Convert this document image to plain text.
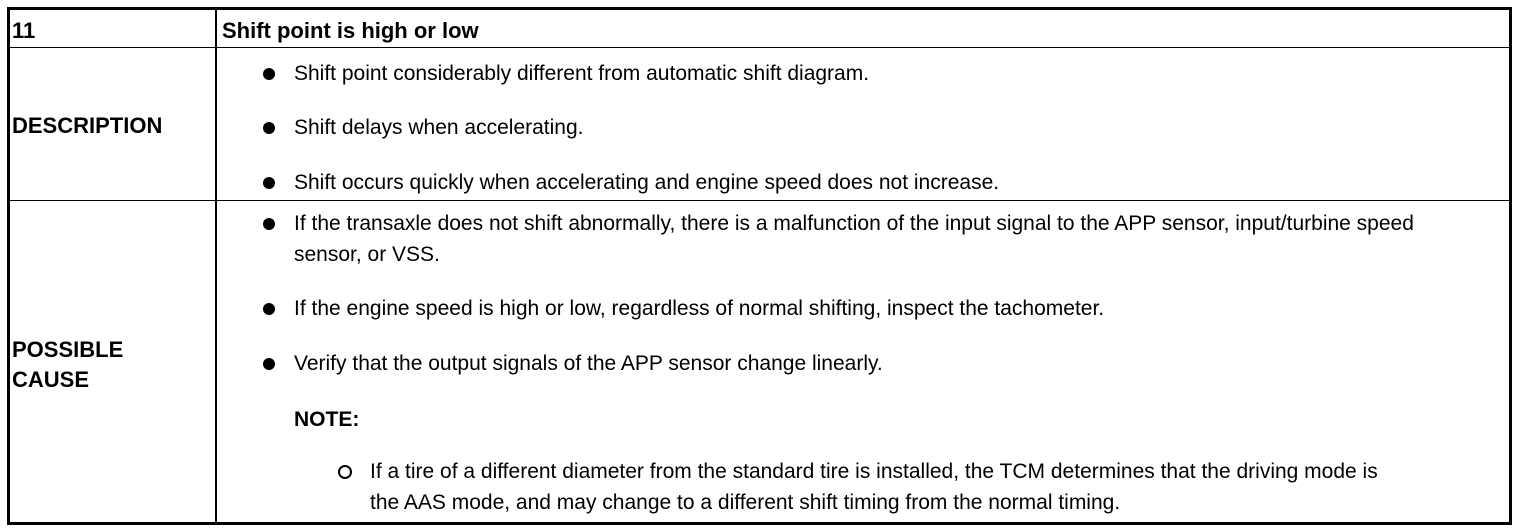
11	Shift point is high or low
DESCRIPTION
Shift point considerably different from automatic shift diagram.
Shift delays when accelerating.
Shift occurs quickly when accelerating and engine speed does not increase.
POSSIBLE
CAUSE
If the transaxle does not shift abnormally, there is a malfunction of the input signal to the APP sensor, input/turbine speed sensor, or VSS.
If the engine speed is high or low, regardless of normal shifting, inspect the tachometer.
Verify that the output signals of the APP sensor change linearly.
NOTE:
If a tire of a different diameter from the standard tire is installed, the TCM determines that the driving mode is the AAS mode, and may change to a different shift timing from the normal timing.
